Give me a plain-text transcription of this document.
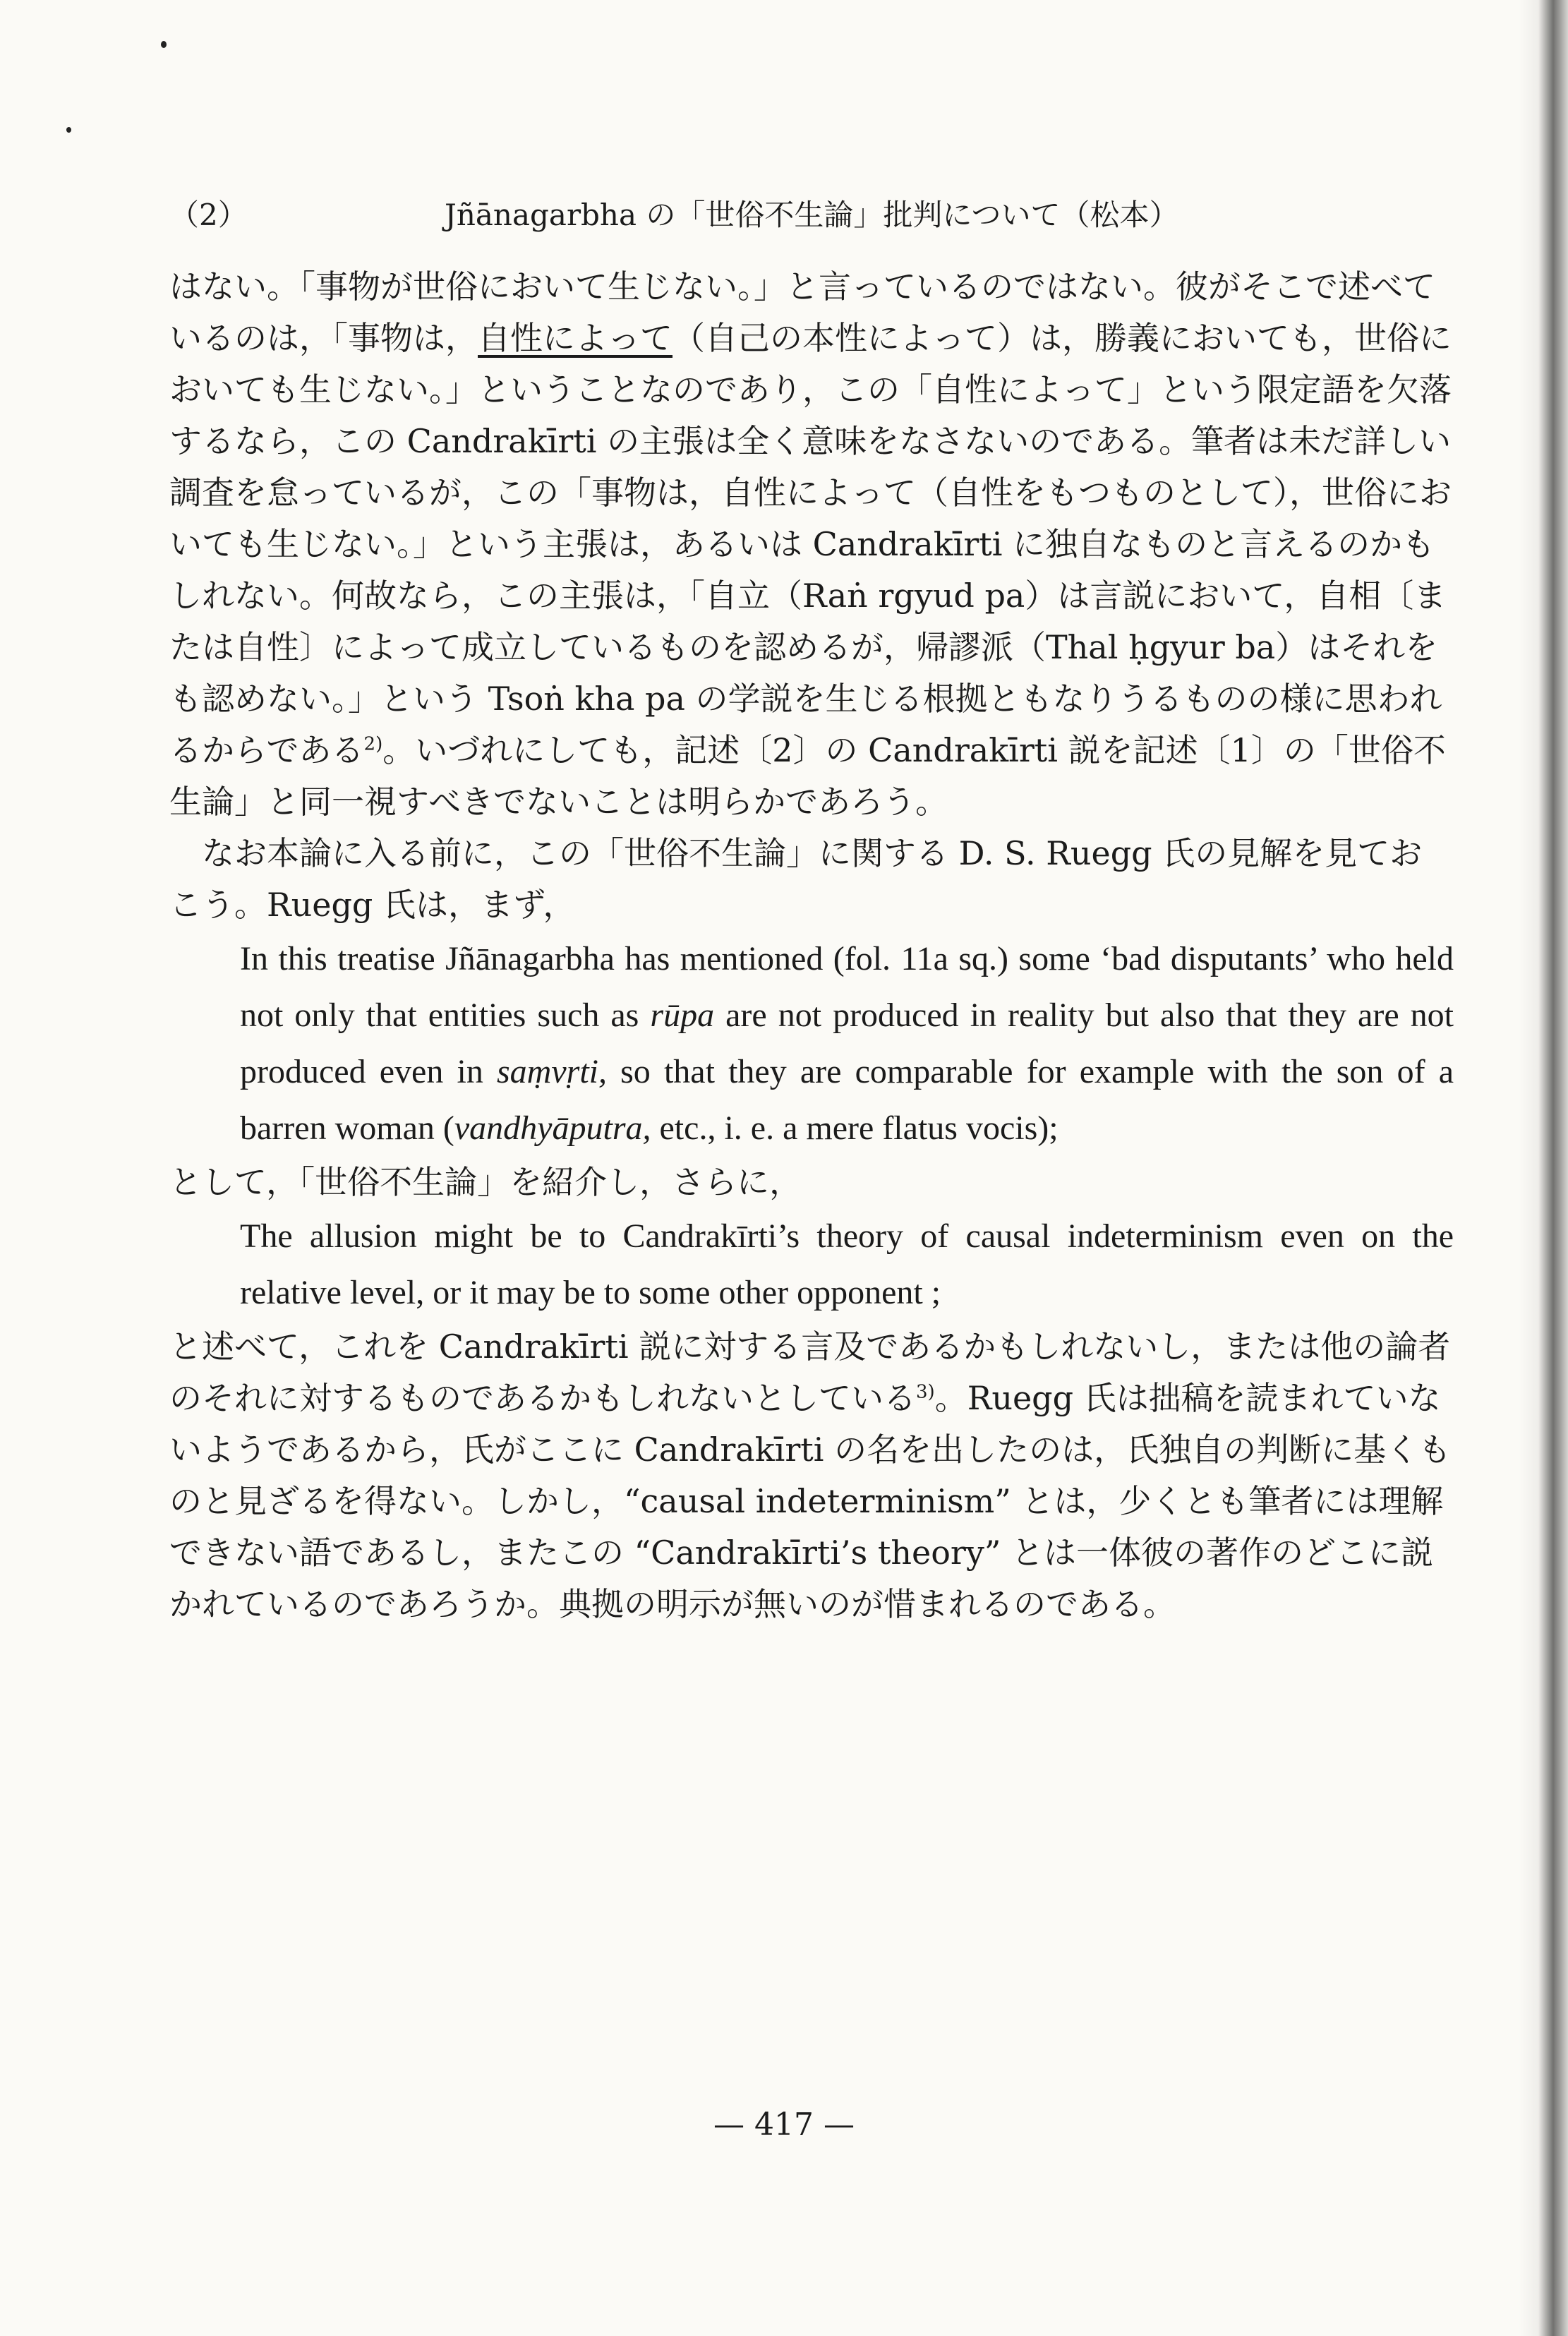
（2）	Jñānagarbha の「世俗不生論」批判について（松本）

はない。「事物が世俗において生じない。」と言っているのではない。彼がそこで述べているのは，「事物は，自性によって（自己の本性によって）は，勝義においても，世俗においても生じない。」ということなのであり，この「自性によって」という限定語を欠落するなら，この Candrakīrti の主張は全く意味をなさないのである。筆者は未だ詳しい調査を怠っているが，この「事物は，自性によって（自性をもつものとして），世俗においても生じない。」という主張は，あるいは Candrakīrti に独自なものと言えるのかもしれない。何故なら，この主張は，「自立（Raṅ rgyud pa）は言説において，自相〔または自性〕によって成立しているものを認めるが，帰謬派（Thal ḥgyur ba）はそれをも認めない。」という Tsoṅ kha pa の学説を生じる根拠ともなりうるものの様に思われるからである$^{2)}$。いづれにしても，記述〔2〕の Candrakīrti 説を記述〔1〕の「世俗不生論」と同一視すべきでないことは明らかであろう。

なお本論に入る前に，この「世俗不生論」に関する D. S. Ruegg 氏の見解を見ておこう。Ruegg 氏は，まず，

In this treatise Jñānagarbha has mentioned (fol. 11a sq.) some ‘bad disputants’ who held not only that entities such as rūpa are not produced in reality but also that they are not produced even in saṃvṛti, so that they are comparable for example with the son of a barren woman (vandhyāputra, etc., i. e. a mere flatus vocis);

として，「世俗不生論」を紹介し，さらに，

The allusion might be to Candrakīrti’s theory of causal indeterminism even on the relative level, or it may be to some other opponent ;

と述べて，これを Candrakīrti 説に対する言及であるかもしれないし，または他の論者のそれに対するものであるかもしれないとしている$^{3)}$。Ruegg 氏は拙稿を読まれていないようであるから，氏がここに Candrakīrti の名を出したのは，氏独自の判断に基くものと見ざるを得ない。しかし，“causal indeterminism” とは，少くとも筆者には理解できない語であるし，またこの “Candrakīrti’s theory” とは一体彼の著作のどこに説かれているのであろうか。典拠の明示が無いのが惜まれるのである。

— 417 —
